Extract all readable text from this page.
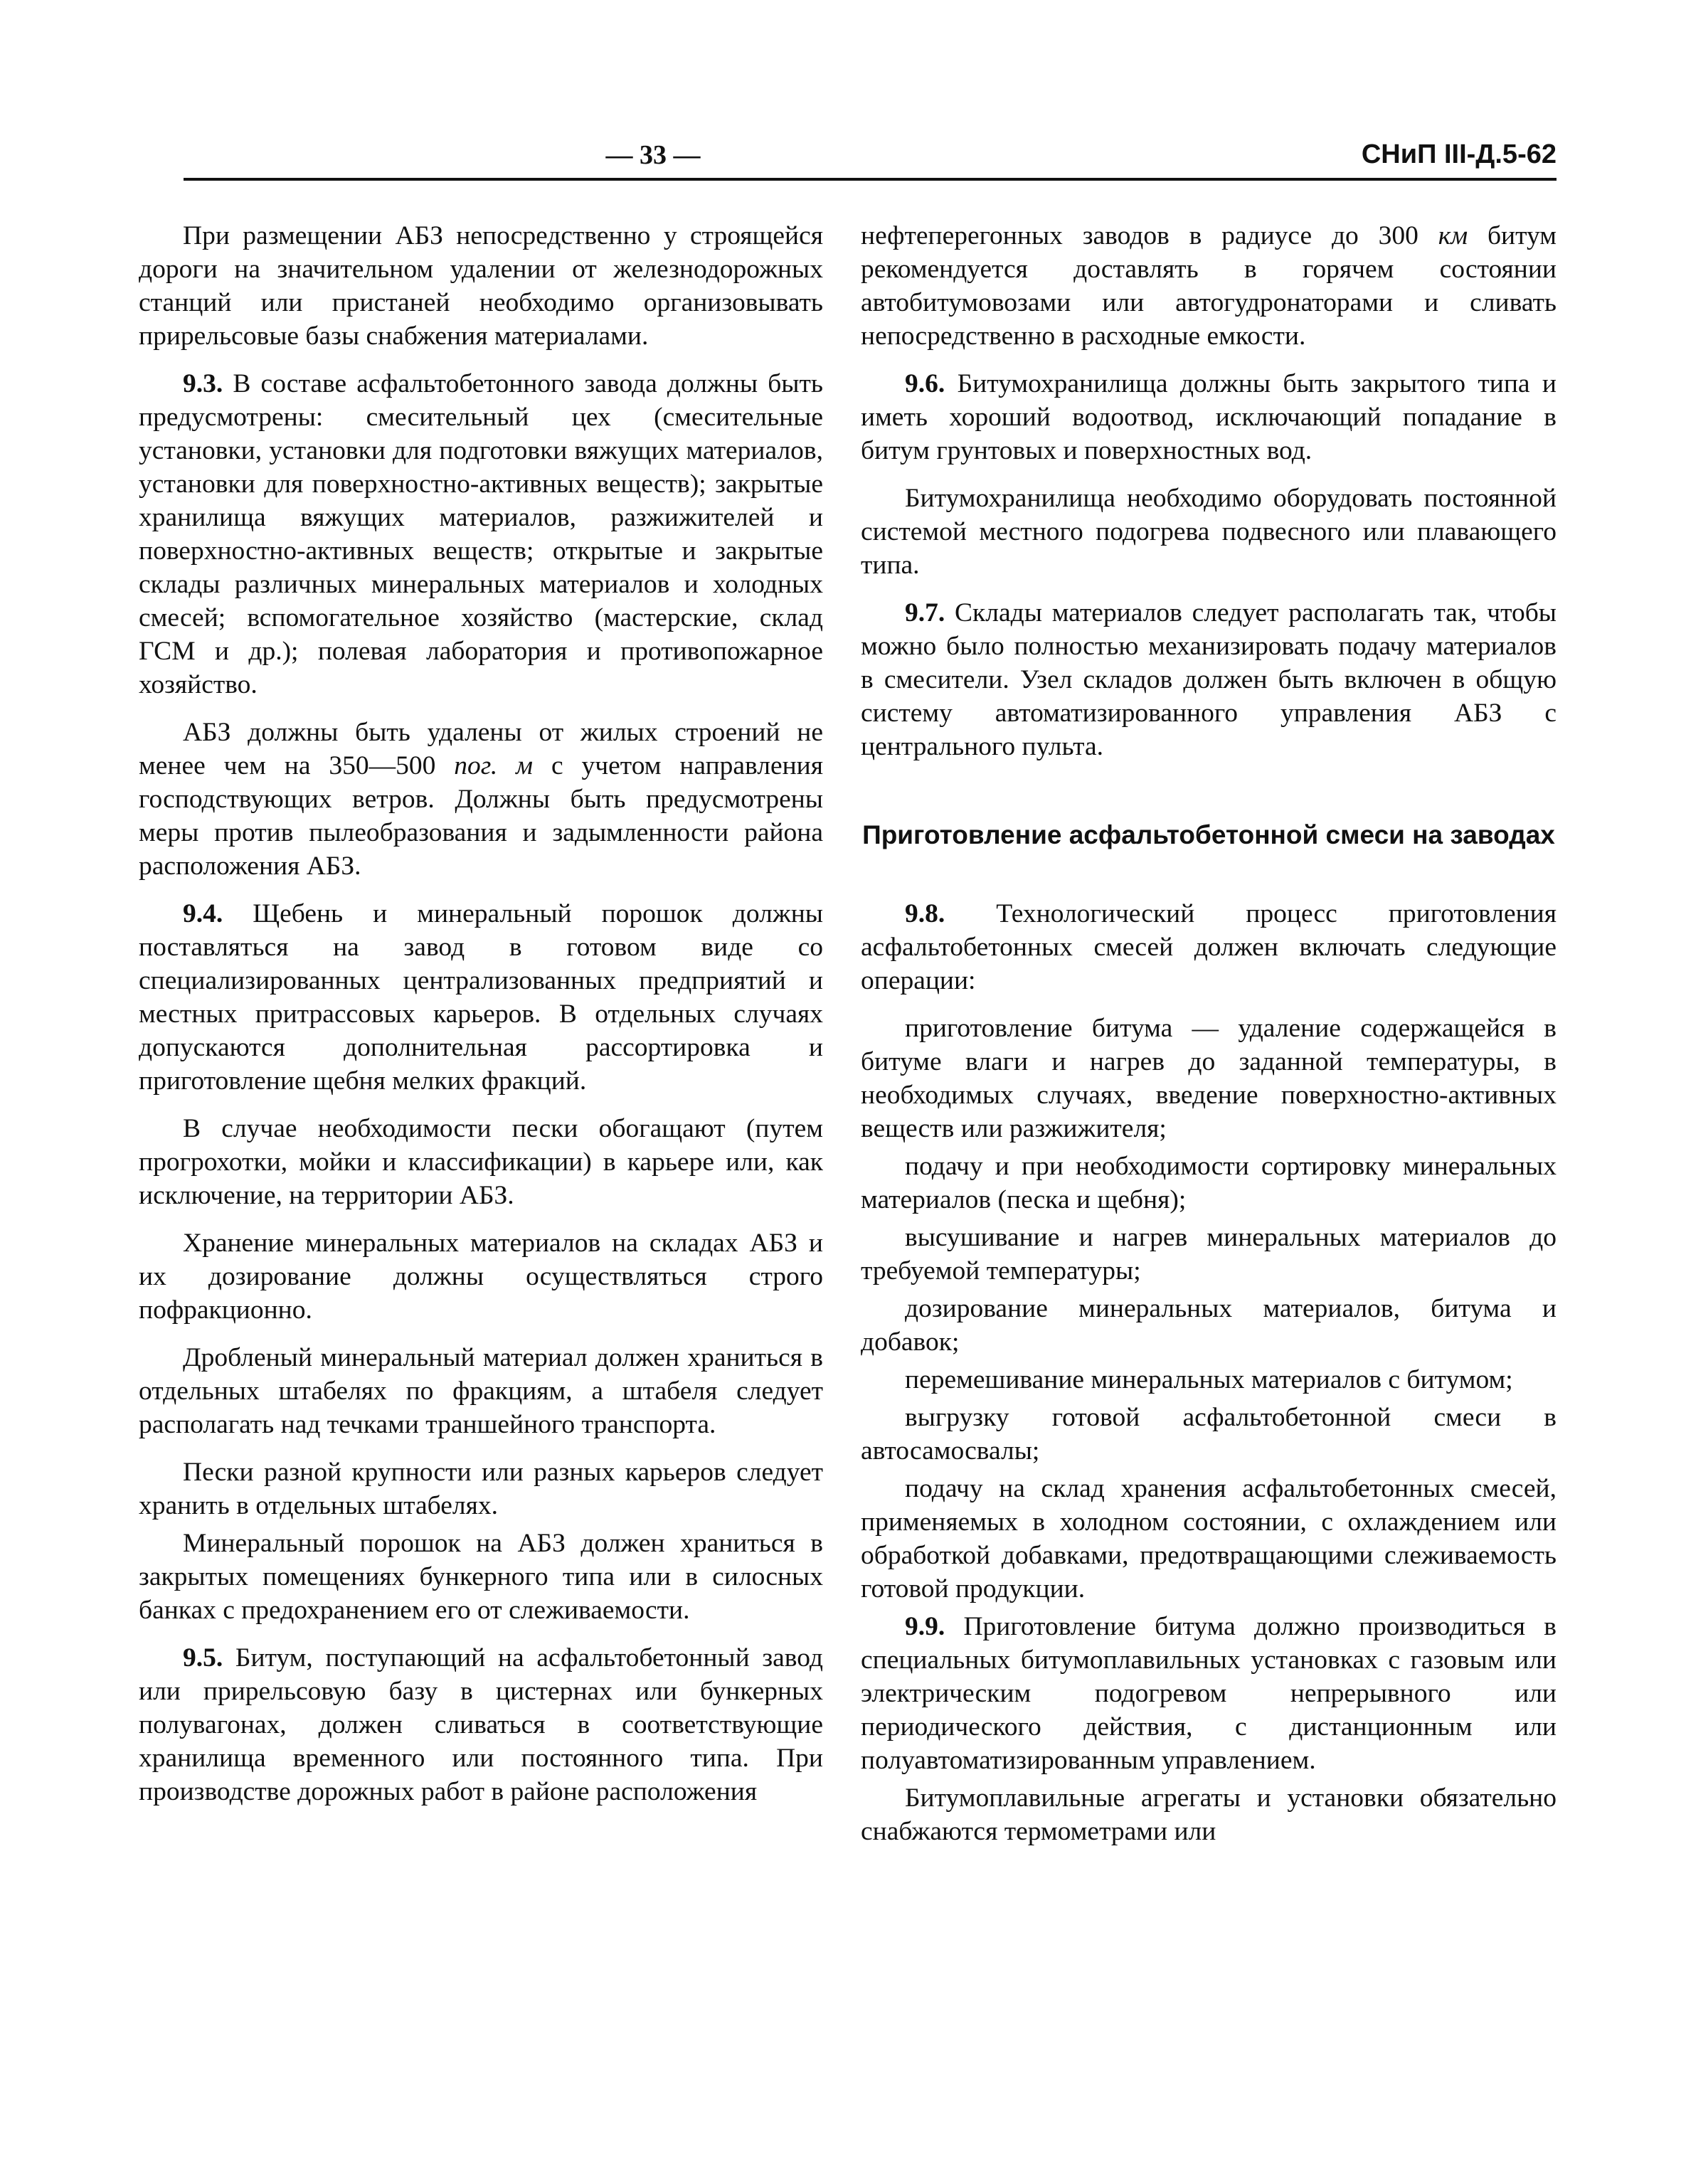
— 33 —	СНиП III-Д.5-62

При размещении АБЗ непосредственно у строящейся дороги на значительном удалении от железнодорожных станций или пристаней необходимо организовывать прирельсовые базы снабжения материалами.

9.3. В составе асфальтобетонного завода должны быть предусмотрены: смесительный цех (смесительные установки, установки для подготовки вяжущих материалов, установки для поверхностно-активных веществ); закрытые хранилища вяжущих материалов, разжижителей и поверхностно-активных веществ; открытые и закрытые склады различных минеральных материалов и холодных смесей; вспомогательное хозяйство (мастерские, склад ГСМ и др.); полевая лаборатория и противопожарное хозяйство.

АБЗ должны быть удалены от жилых строений не менее чем на 350—500 пог. м с учетом направления господствующих ветров. Должны быть предусмотрены меры против пылеобразования и задымленности района расположения АБЗ.

9.4. Щебень и минеральный порошок должны поставляться на завод в готовом виде со специализированных централизованных предприятий и местных притрассовых карьеров. В отдельных случаях допускаются дополнительная рассортировка и приготовление щебня мелких фракций.

В случае необходимости пески обогащают (путем прогрохотки, мойки и классификации) в карьере или, как исключение, на территории АБЗ.

Хранение минеральных материалов на складах АБЗ и их дозирование должны осуществляться строго пофракционно.

Дробленый минеральный материал должен храниться в отдельных штабелях по фракциям, а штабеля следует располагать над течками траншейного транспорта.

Пески разной крупности или разных карьеров следует хранить в отдельных штабелях.

Минеральный порошок на АБЗ должен храниться в закрытых помещениях бункерного типа или в силосных банках с предохранением его от слеживаемости.

9.5. Битум, поступающий на асфальтобетонный завод или прирельсовую базу в цистернах или бункерных полувагонах, должен сливаться в соответствующие хранилища временного или постоянного типа. При производстве дорожных работ в районе расположения

нефтеперегонных заводов в радиусе до 300 км битум рекомендуется доставлять в горячем состоянии автобитумовозами или автогудронаторами и сливать непосредственно в расходные емкости.

9.6. Битумохранилища должны быть закрытого типа и иметь хороший водоотвод, исключающий попадание в битум грунтовых и поверхностных вод.

Битумохранилища необходимо оборудовать постоянной системой местного подогрева подвесного или плавающего типа.

9.7. Склады материалов следует располагать так, чтобы можно было полностью механизировать подачу материалов в смесители. Узел складов должен быть включен в общую систему автоматизированного управления АБЗ с центрального пульта.

Приготовление асфальтобетонной смеси на заводах

9.8. Технологический процесс приготовления асфальтобетонных смесей должен включать следующие операции:

приготовление битума — удаление содержащейся в битуме влаги и нагрев до заданной температуры, в необходимых случаях, введение поверхностно-активных веществ или разжижителя;

подачу и при необходимости сортировку минеральных материалов (песка и щебня);

высушивание и нагрев минеральных материалов до требуемой температуры;

дозирование минеральных материалов, битума и добавок;

перемешивание минеральных материалов с битумом;

выгрузку готовой асфальтобетонной смеси в автосамосвалы;

подачу на склад хранения асфальтобетонных смесей, применяемых в холодном состоянии, с охлаждением или обработкой добавками, предотвращающими слеживаемость готовой продукции.

9.9. Приготовление битума должно производиться в специальных битумоплавильных установках с газовым или электрическим подогревом непрерывного или периодического действия, с дистанционным или полуавтоматизированным управлением.

Битумоплавильные агрегаты и установки обязательно снабжаются термометрами или
